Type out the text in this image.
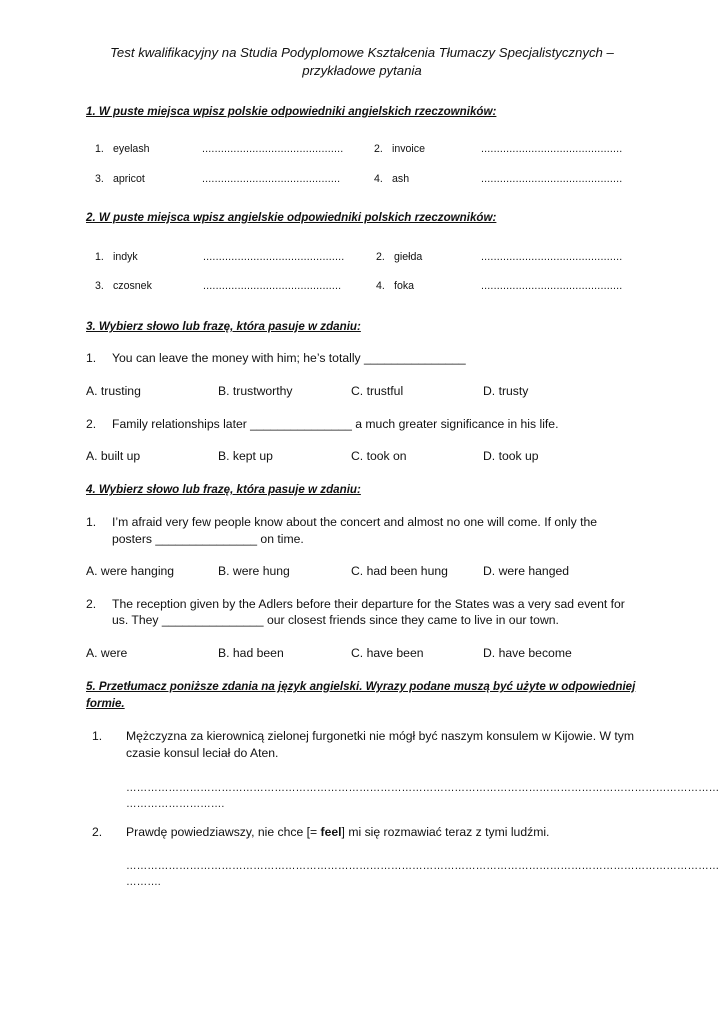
Test kwalifikacyjny na Studia Podyplomowe Kształcenia Tłumaczy Specjalistycznych –
przykładowe pytania
1. W puste miejsca wpisz polskie odpowiedniki angielskich rzeczowników:
1. eyelash	.............................................	2. invoice	.............................................
3. apricot	............................................	4. ash	.............................................
2. W puste miejsca wpisz angielskie odpowiedniki polskich rzeczowników:
1. indyk	.............................................	2. giełda	.............................................
3. czosnek	............................................	4. foka	.............................................
3. Wybierz słowo lub frazę, która pasuje w zdaniu:
1. You can leave the money with him; he’s totally _______________
A. trusting	B. trustworthy	C. trustful	D. trusty
2. Family relationships later _______________ a much greater significance in his life.
A. built up	B. kept up	C. took on	D. took up
4. Wybierz słowo lub frazę, która pasuje w zdaniu:
1. I’m afraid very few people know about the concert and almost no one will come. If only the
posters _______________ on time.
A. were hanging	B. were hung	C. had been hung	D. were hanged
2. The reception given by the Adlers before their departure for the States was a very sad event for
us. They _______________ our closest friends since they came to live in our town.
A. were	B. had been	C. have been	D. have become
5. Przetłumacz poniższe zdania na język angielski. Wyrazy podane muszą być użyte w odpowiedniej
formie.
1. Mężczyzna za kierownicą zielonej furgonetki nie mógł być naszym konsulem w Kijowie. W tym
czasie konsul leciał do Aten.
……………………………………………………………………………………………………………………………………………………
……………………….
2. Prawdę powiedziawszy, nie chce [= feel] mi się rozmawiać teraz z tymi ludźmi.
……………………………………………………………………………………………………………………………………………………
……….
